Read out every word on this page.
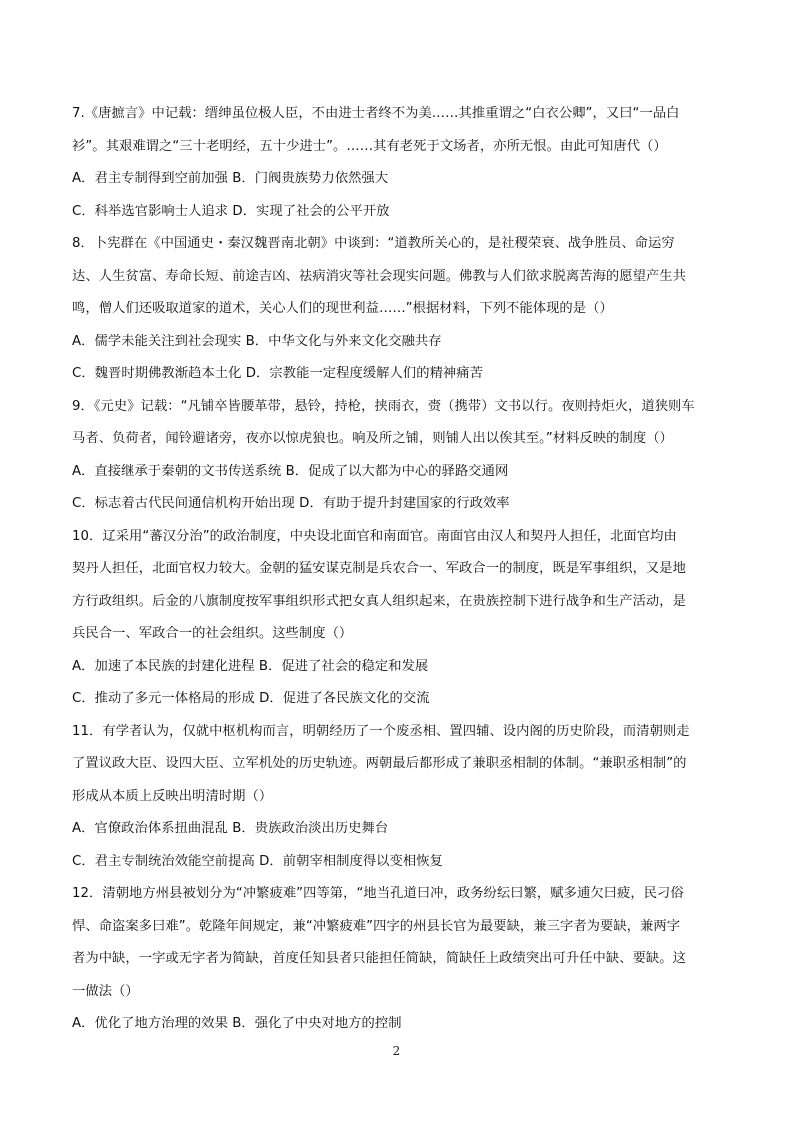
7.《唐摭言》中记载：缙绅虽位极人臣，不由进士者终不为美……其推重谓之“白衣公卿”，又曰“一品白
衫”。其艰难谓之“三十老明经，五十少进士”。……其有老死于文场者，亦所无恨。由此可知唐代（）
A．君主专制得到空前加强 B．门阀贵族势力依然强大
C．科举选官影响士人追求 D．实现了社会的公平开放
8．卜宪群在《中国通史・秦汉魏晋南北朝》中谈到：“道教所关心的，是社稷荣衰、战争胜员、命运穷
达、人生贫富、寿命长短、前途吉凶、祛病消灾等社会现实问题。佛教与人们欲求脱离苦海的愿望产生共
鸣，僧人们还吸取道家的道术，关心人们的现世利益……”根据材料，下列不能体现的是（）
A．儒学未能关注到社会现实 B．中华文化与外来文化交融共存
C．魏晋时期佛教渐趋本土化 D．宗教能一定程度缓解人们的精神痛苦
9．《元史》记载：“凡铺卒皆腰革带，悬铃，持枪，挟雨衣，赍（携带）文书以行。夜则持炬火，道狭则车
马者、负荷者，闻铃避诸旁，夜亦以惊虎狼也。响及所之铺，则铺人出以俟其至。”材料反映的制度（）
A．直接继承于秦朝的文书传送系统 B．促成了以大都为中心的驿路交通网
C．标志着古代民间通信机构开始出现 D．有助于提升封建国家的行政效率
10．辽采用“蕃汉分治”的政治制度，中央设北面官和南面官。南面官由汉人和契丹人担任，北面官均由
契丹人担任，北面官权力较大。金朝的猛安谋克制是兵农合一、军政合一的制度，既是军事组织，又是地
方行政组织。后金的八旗制度按军事组织形式把女真人组织起来，在贵族控制下进行战争和生产活动，是
兵民合一、军政合一的社会组织。这些制度（）
A．加速了本民族的封建化进程 B．促进了社会的稳定和发展
C．推动了多元一体格局的形成 D．促进了各民族文化的交流
11．有学者认为，仅就中枢机构而言，明朝经历了一个废丞相、置四辅、设内阁的历史阶段，而清朝则走
了置议政大臣、设四大臣、立军机处的历史轨迹。两朝最后都形成了兼职丞相制的体制。“兼职丞相制”的
形成从本质上反映出明清时期（）
A．官僚政治体系扭曲混乱 B．贵族政治淡出历史舞台
C．君主专制统治效能空前提高 D．前朝宰相制度得以变相恢复
12．清朝地方州县被划分为“冲繁疲难”四等第，“地当孔道曰冲，政务纷纭曰繁，赋多逋欠曰疲，民刁俗
悍、命盗案多曰难”。乾隆年间规定，兼“冲繁疲难”四字的州县长官为最要缺，兼三字者为要缺，兼两字
者为中缺，一字或无字者为简缺，首度任知县者只能担任简缺，简缺任上政绩突出可升任中缺、要缺。这
一做法（）
A．优化了地方治理的效果 B．强化了中央对地方的控制
2
